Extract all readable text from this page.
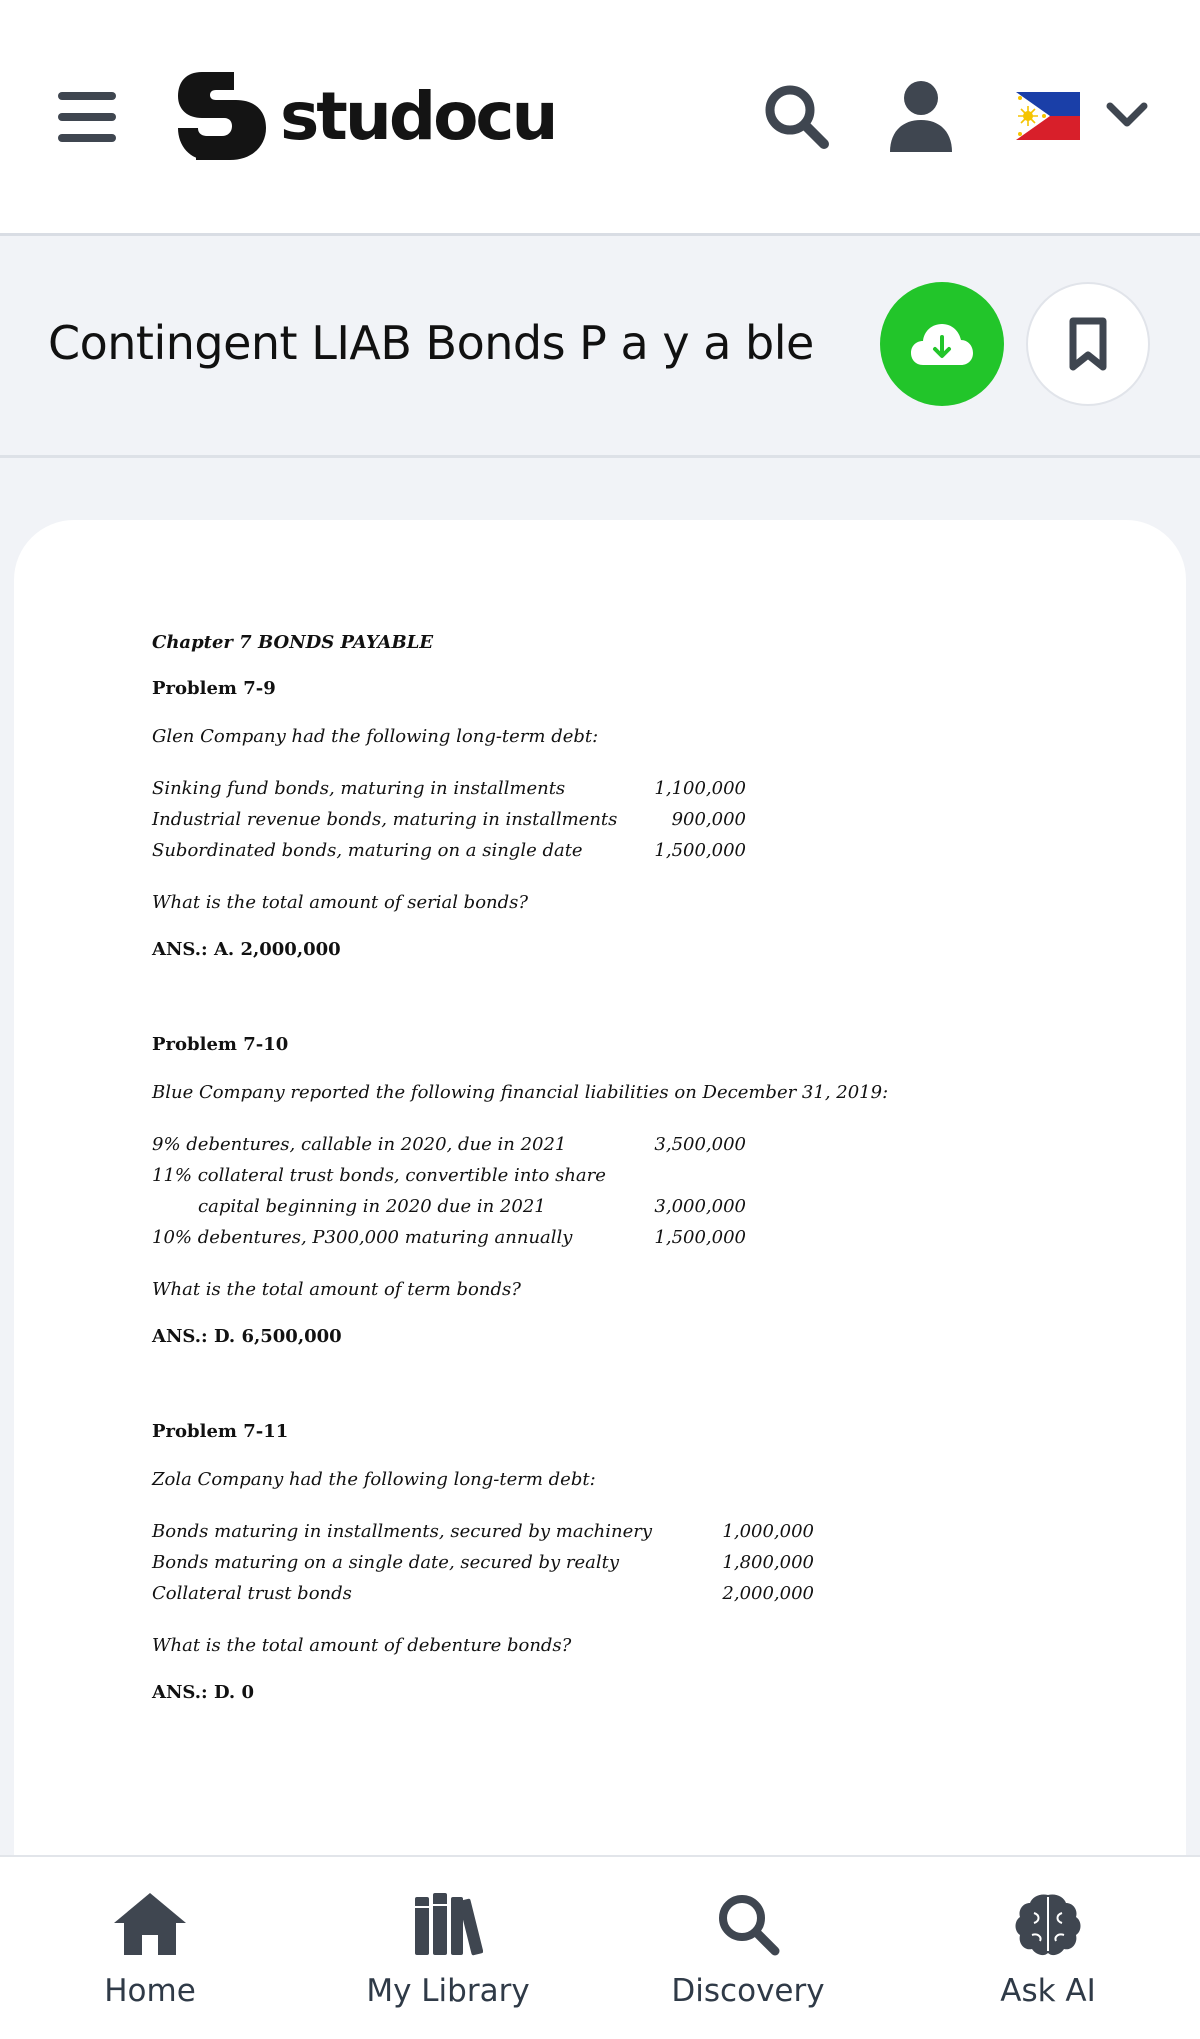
studocu
Contingent LIAB Bonds P a y a ble

Chapter 7 BONDS PAYABLE

Problem 7-9

Glen Company had the following long-term debt:

Sinking fund bonds, maturing in installments	1,100,000
Industrial revenue bonds, maturing in installments	900,000
Subordinated bonds, maturing on a single date	1,500,000

What is the total amount of serial bonds?

ANS.: A. 2,000,000

Problem 7-10

Blue Company reported the following financial liabilities on December 31, 2019:

9% debentures, callable in 2020, due in 2021	3,500,000
11% collateral trust bonds, convertible into share	
capital beginning in 2020 due in 2021	3,000,000
10% debentures, P300,000 maturing annually	1,500,000

What is the total amount of term bonds?

ANS.: D. 6,500,000

Problem 7-11

Zola Company had the following long-term debt:

Bonds maturing in installments, secured by machinery	1,000,000
Bonds maturing on a single date, secured by realty	1,800,000
Collateral trust bonds	2,000,000

What is the total amount of debenture bonds?

ANS.: D. 0

Home	My Library	Discovery	Ask AI
